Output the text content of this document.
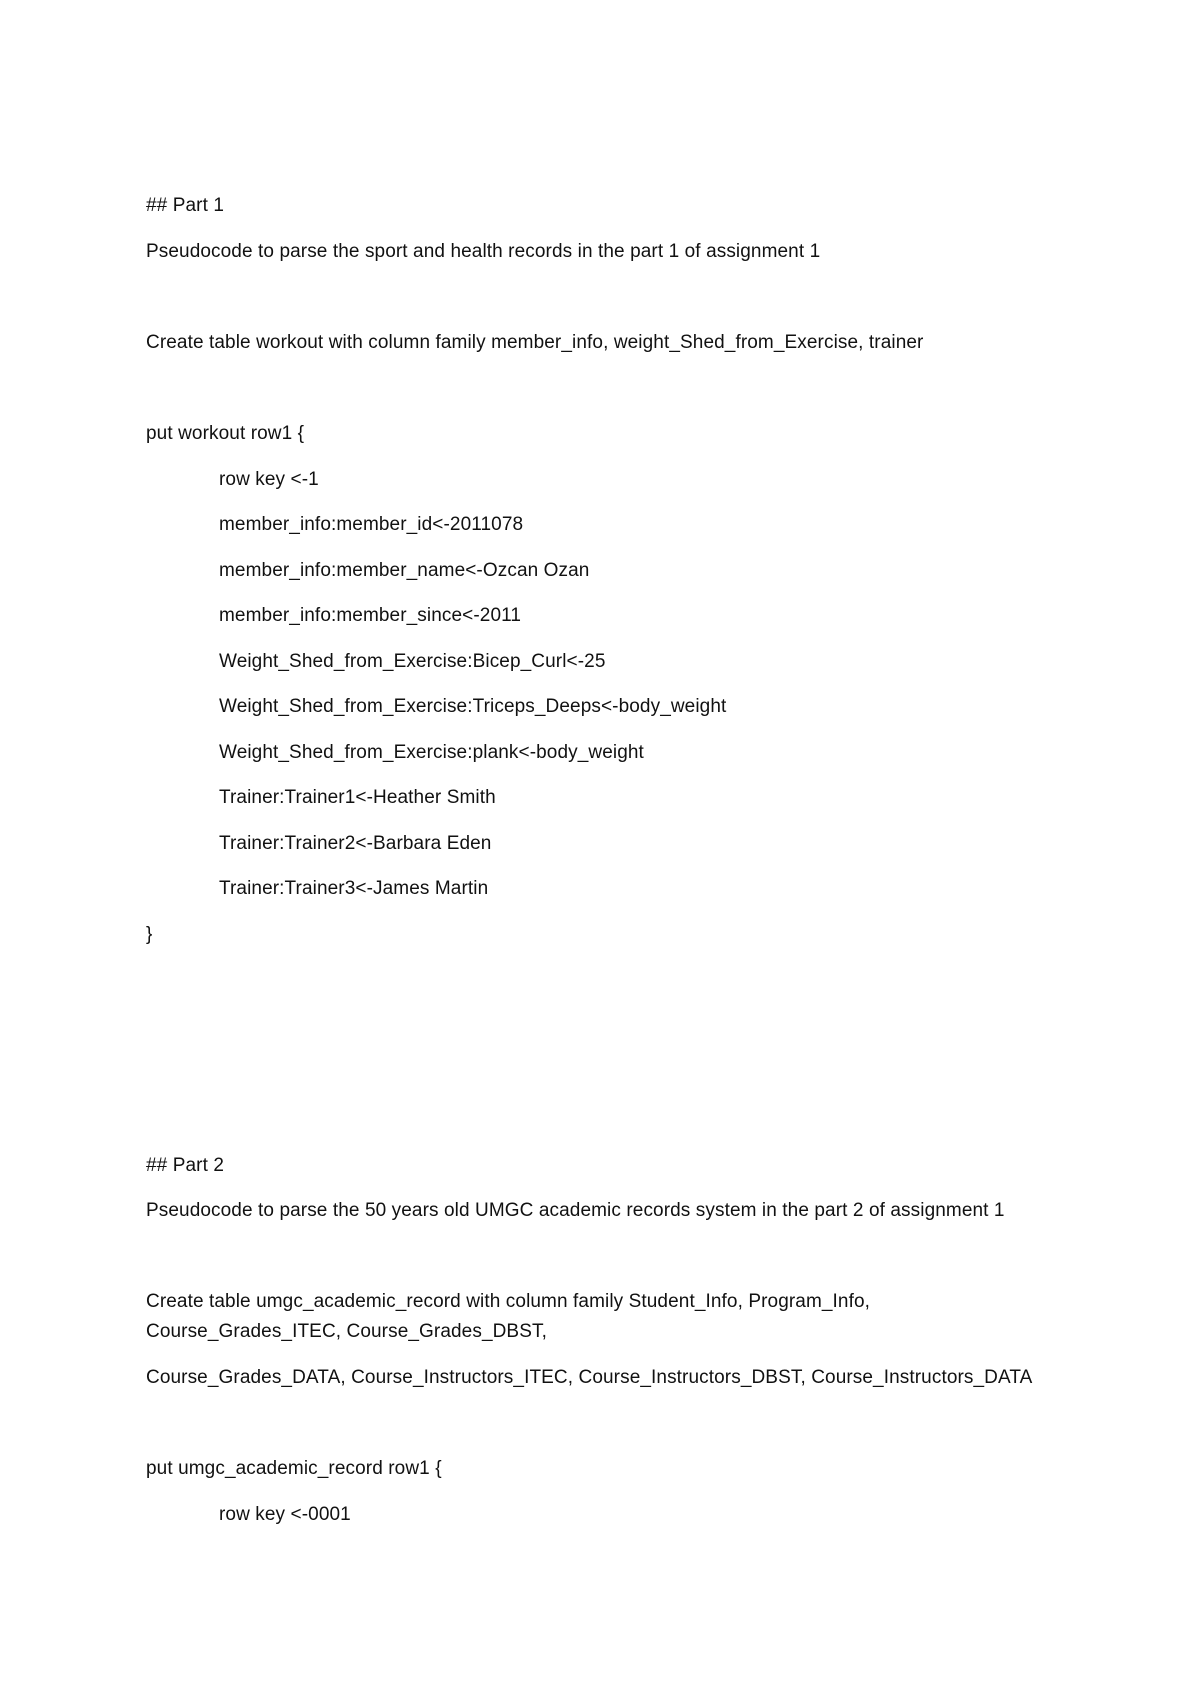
## Part 1
Pseudocode to parse the sport and health records in the part 1 of assignment 1
Create table workout with column family member_info, weight_Shed_from_Exercise, trainer
put workout row1 {
row key <-1
member_info:member_id<-2011078
member_info:member_name<-Ozcan Ozan
member_info:member_since<-2011
Weight_Shed_from_Exercise:Bicep_Curl<-25
Weight_Shed_from_Exercise:Triceps_Deeps<-body_weight
Weight_Shed_from_Exercise:plank<-body_weight
Trainer:Trainer1<-Heather Smith
Trainer:Trainer2<-Barbara Eden
Trainer:Trainer3<-James Martin
}
## Part 2
Pseudocode to parse the 50 years old UMGC academic records system in the part 2 of assignment 1
Create table umgc_academic_record with column family Student_Info, Program_Info,
Course_Grades_ITEC, Course_Grades_DBST,
Course_Grades_DATA, Course_Instructors_ITEC, Course_Instructors_DBST, Course_Instructors_DATA
put umgc_academic_record row1 {
row key <-0001
